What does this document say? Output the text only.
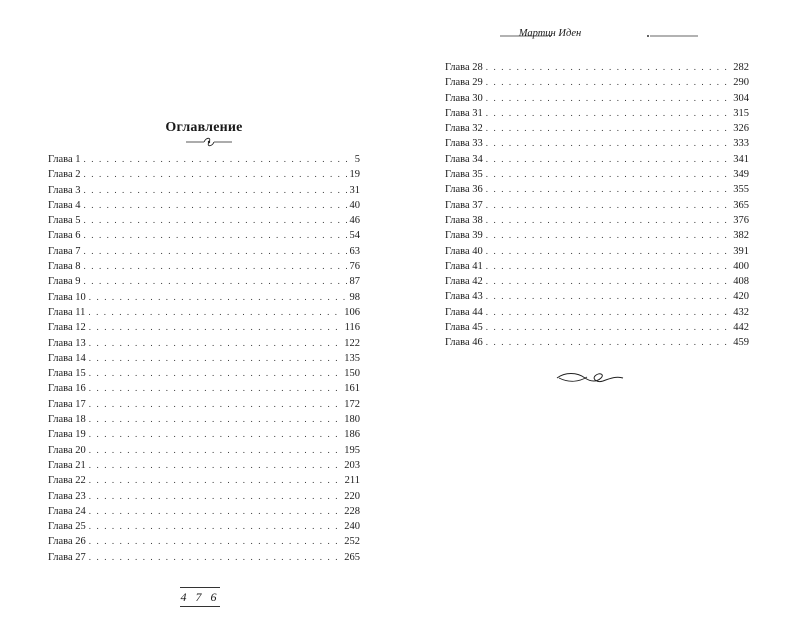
Оглавление
Глава 1 . . .	5
Глава 2 . . .	19
Глава 3 . . .	31
Глава 4 . . .	40
Глава 5 . . .	46
Глава 6 . . .	54
Глава 7 . . .	63
Глава 8 . . .	76
Глава 9 . . .	87
Глава 10 . . .	98
Глава 11 . . .	106
Глава 12 . . .	116
Глава 13 . . .	122
Глава 14 . . .	135
Глава 15 . . .	150
Глава 16 . . .	161
Глава 17 . . .	172
Глава 18 . . .	180
Глава 19 . . .	186
Глава 20 . . .	195
Глава 21 . . .	203
Глава 22 . . .	211
Глава 23 . . .	220
Глава 24 . . .	228
Глава 25 . . .	240
Глава 26 . . .	252
Глава 27 . . .	265
4 7 6
Мартин Иден
Глава 28 . . .	282
Глава 29 . . .	290
Глава 30 . . .	304
Глава 31 . . .	315
Глава 32 . . .	326
Глава 33 . . .	333
Глава 34 . . .	341
Глава 35 . . .	349
Глава 36 . . .	355
Глава 37 . . .	365
Глава 38 . . .	376
Глава 39 . . .	382
Глава 40 . . .	391
Глава 41 . . .	400
Глава 42 . . .	408
Глава 43 . . .	420
Глава 44 . . .	432
Глава 45 . . .	442
Глава 46 . . .	459
